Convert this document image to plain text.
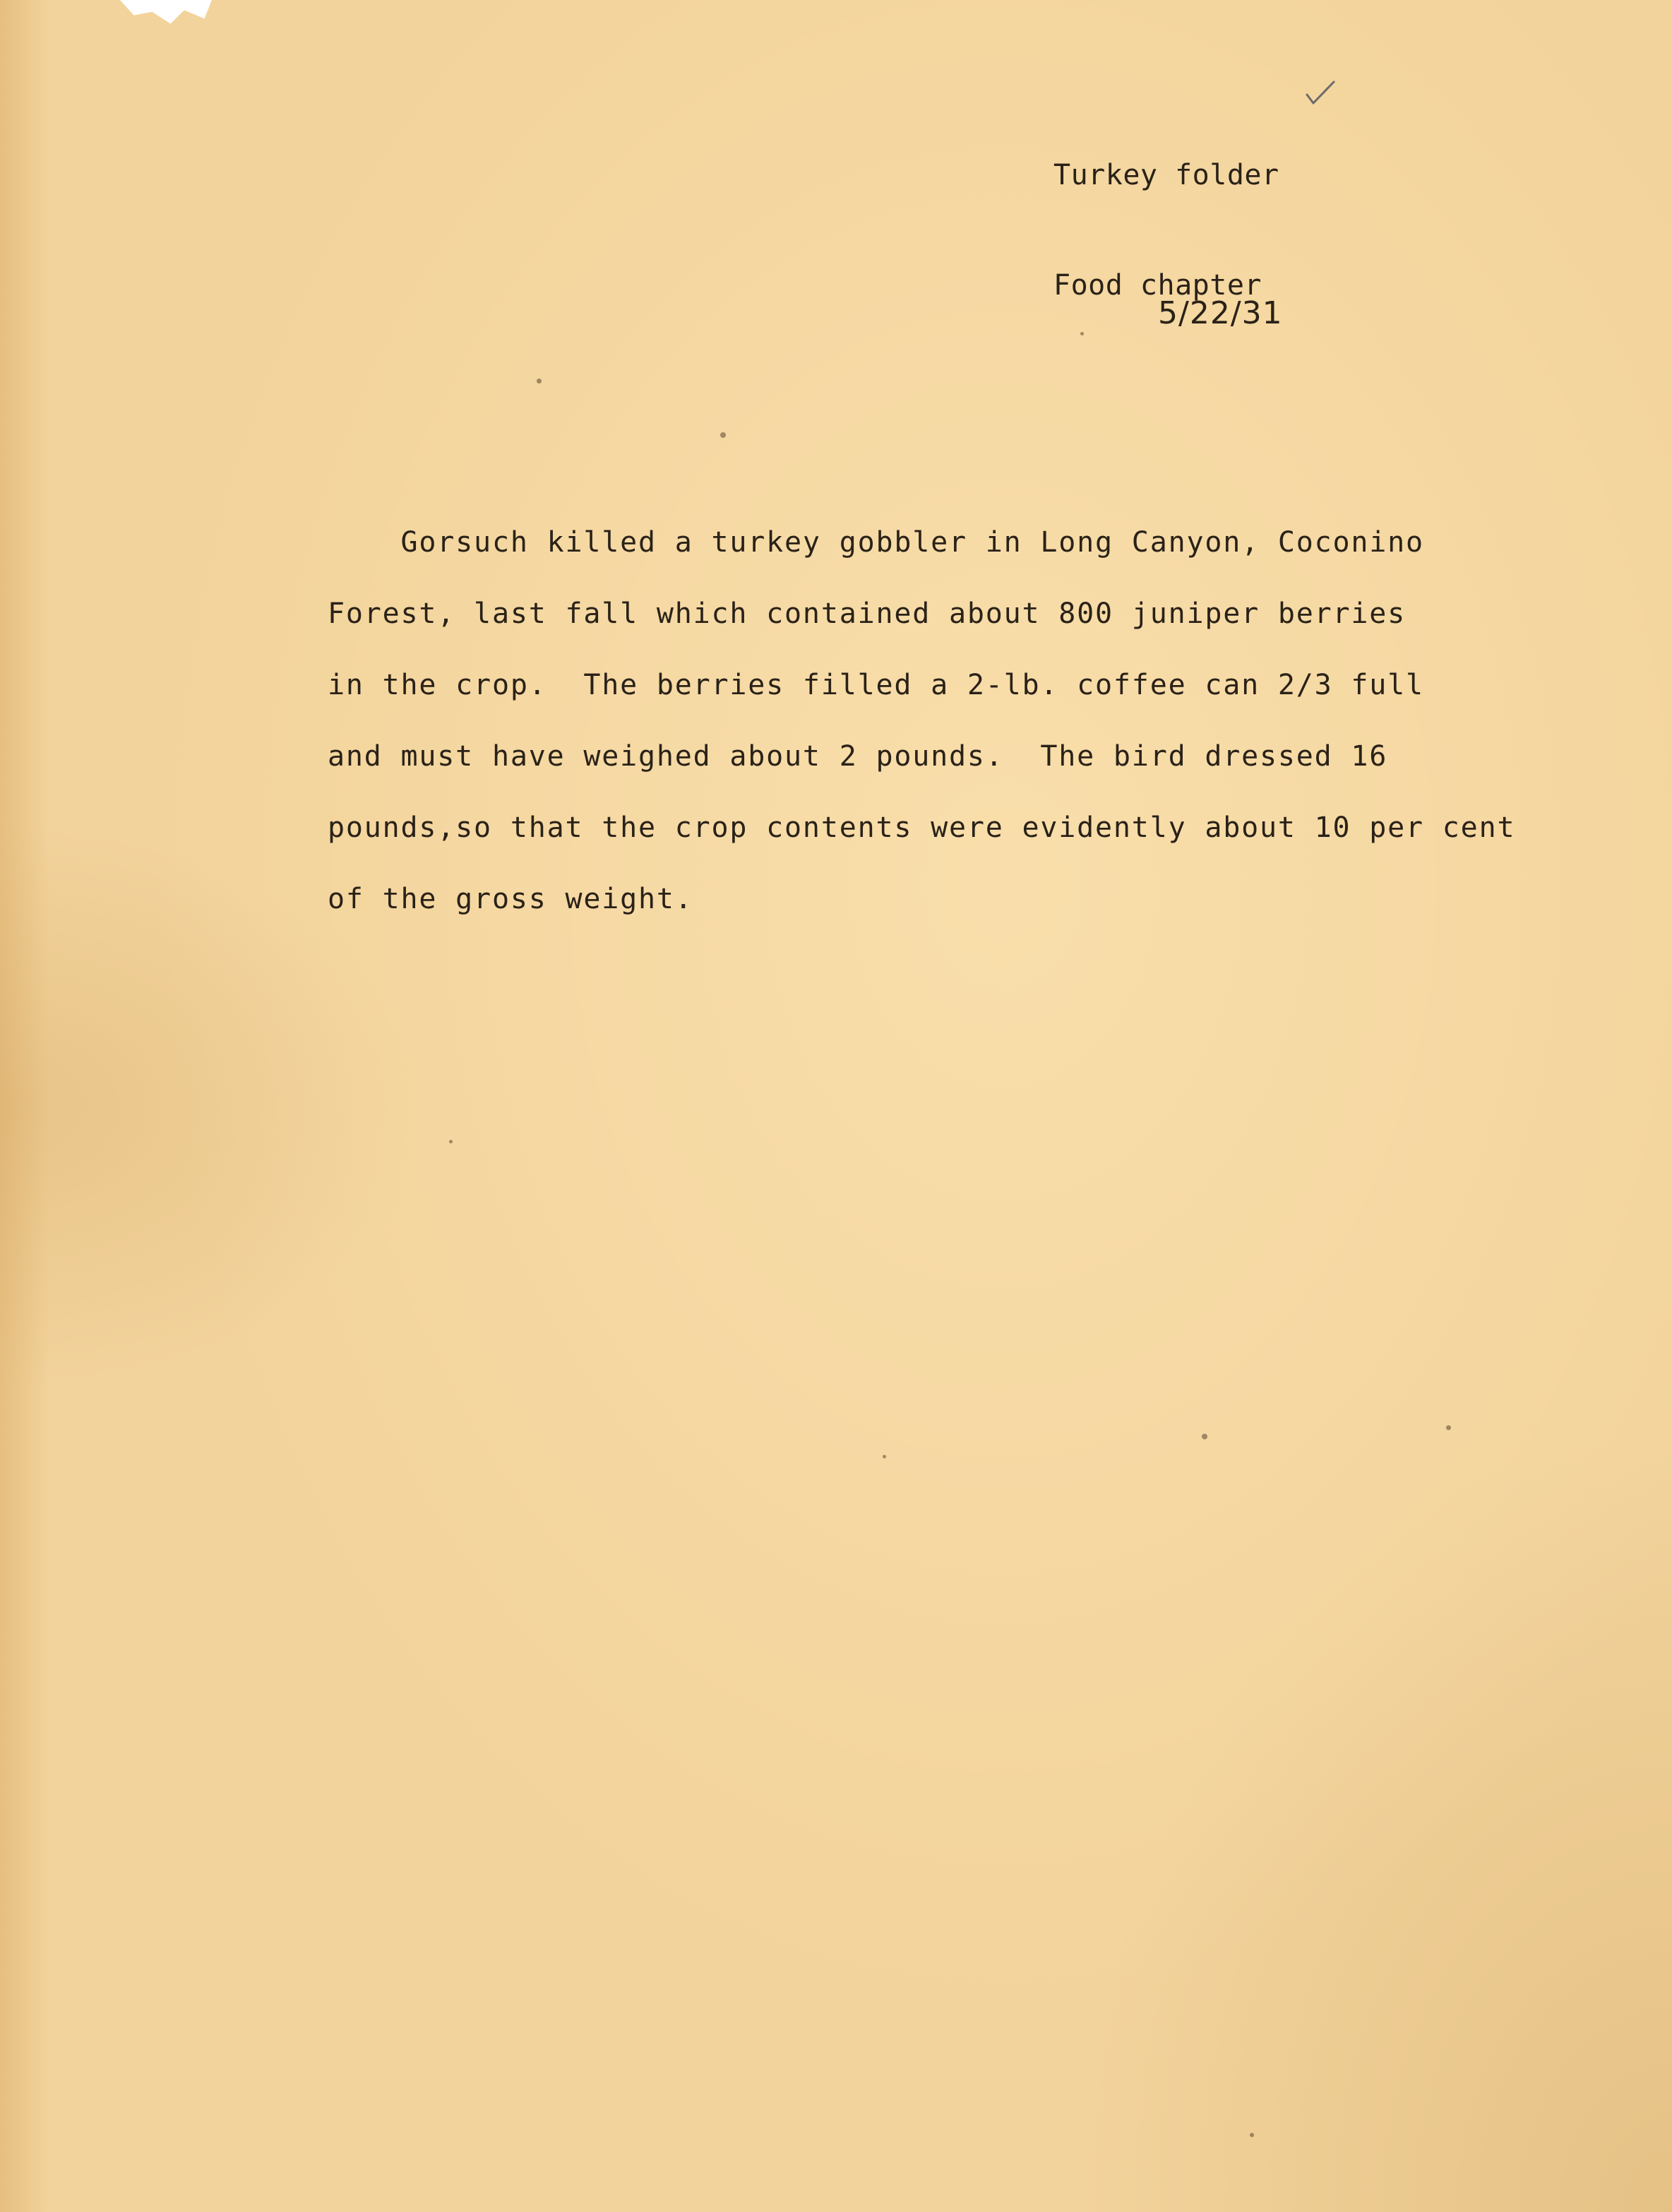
Turkey folder

Food chapter

5/22/31
Gorsuch killed a turkey gobbler in Long Canyon, Coconino
Forest, last fall which contained about 800 juniper berries
in the crop.  The berries filled a 2-lb. coffee can 2/3 full
and must have weighed about 2 pounds.  The bird dressed 16
pounds,so that the crop contents were evidently about 10 per cent
of the gross weight.
